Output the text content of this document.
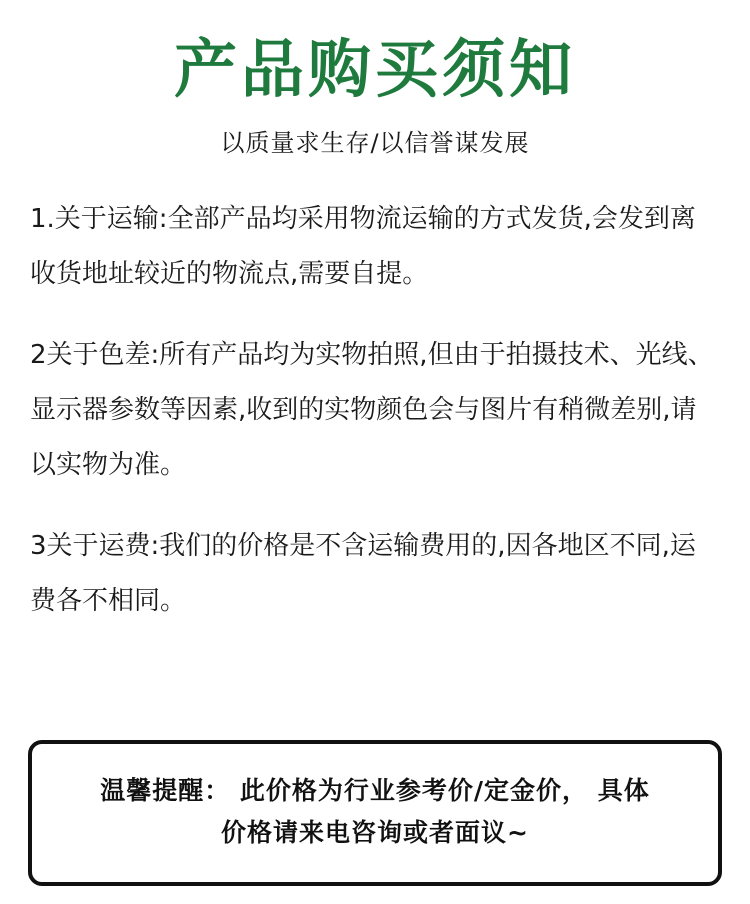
产品购买须知
以质量求生存/以信誉谋发展

1.关于运输:全部产品均采用物流运输的方式发货,会发到离收货地址较近的物流点,需要自提。

2关于色差:所有产品均为实物拍照,但由于拍摄技术、光线、显示器参数等因素,收到的实物颜色会与图片有稍微差别,请以实物为准。

3关于运费:我们的价格是不含运输费用的,因各地区不同,运费各不相同。

温馨提醒： 此价格为行业参考价/定金价， 具体
价格请来电咨询或者面议~
